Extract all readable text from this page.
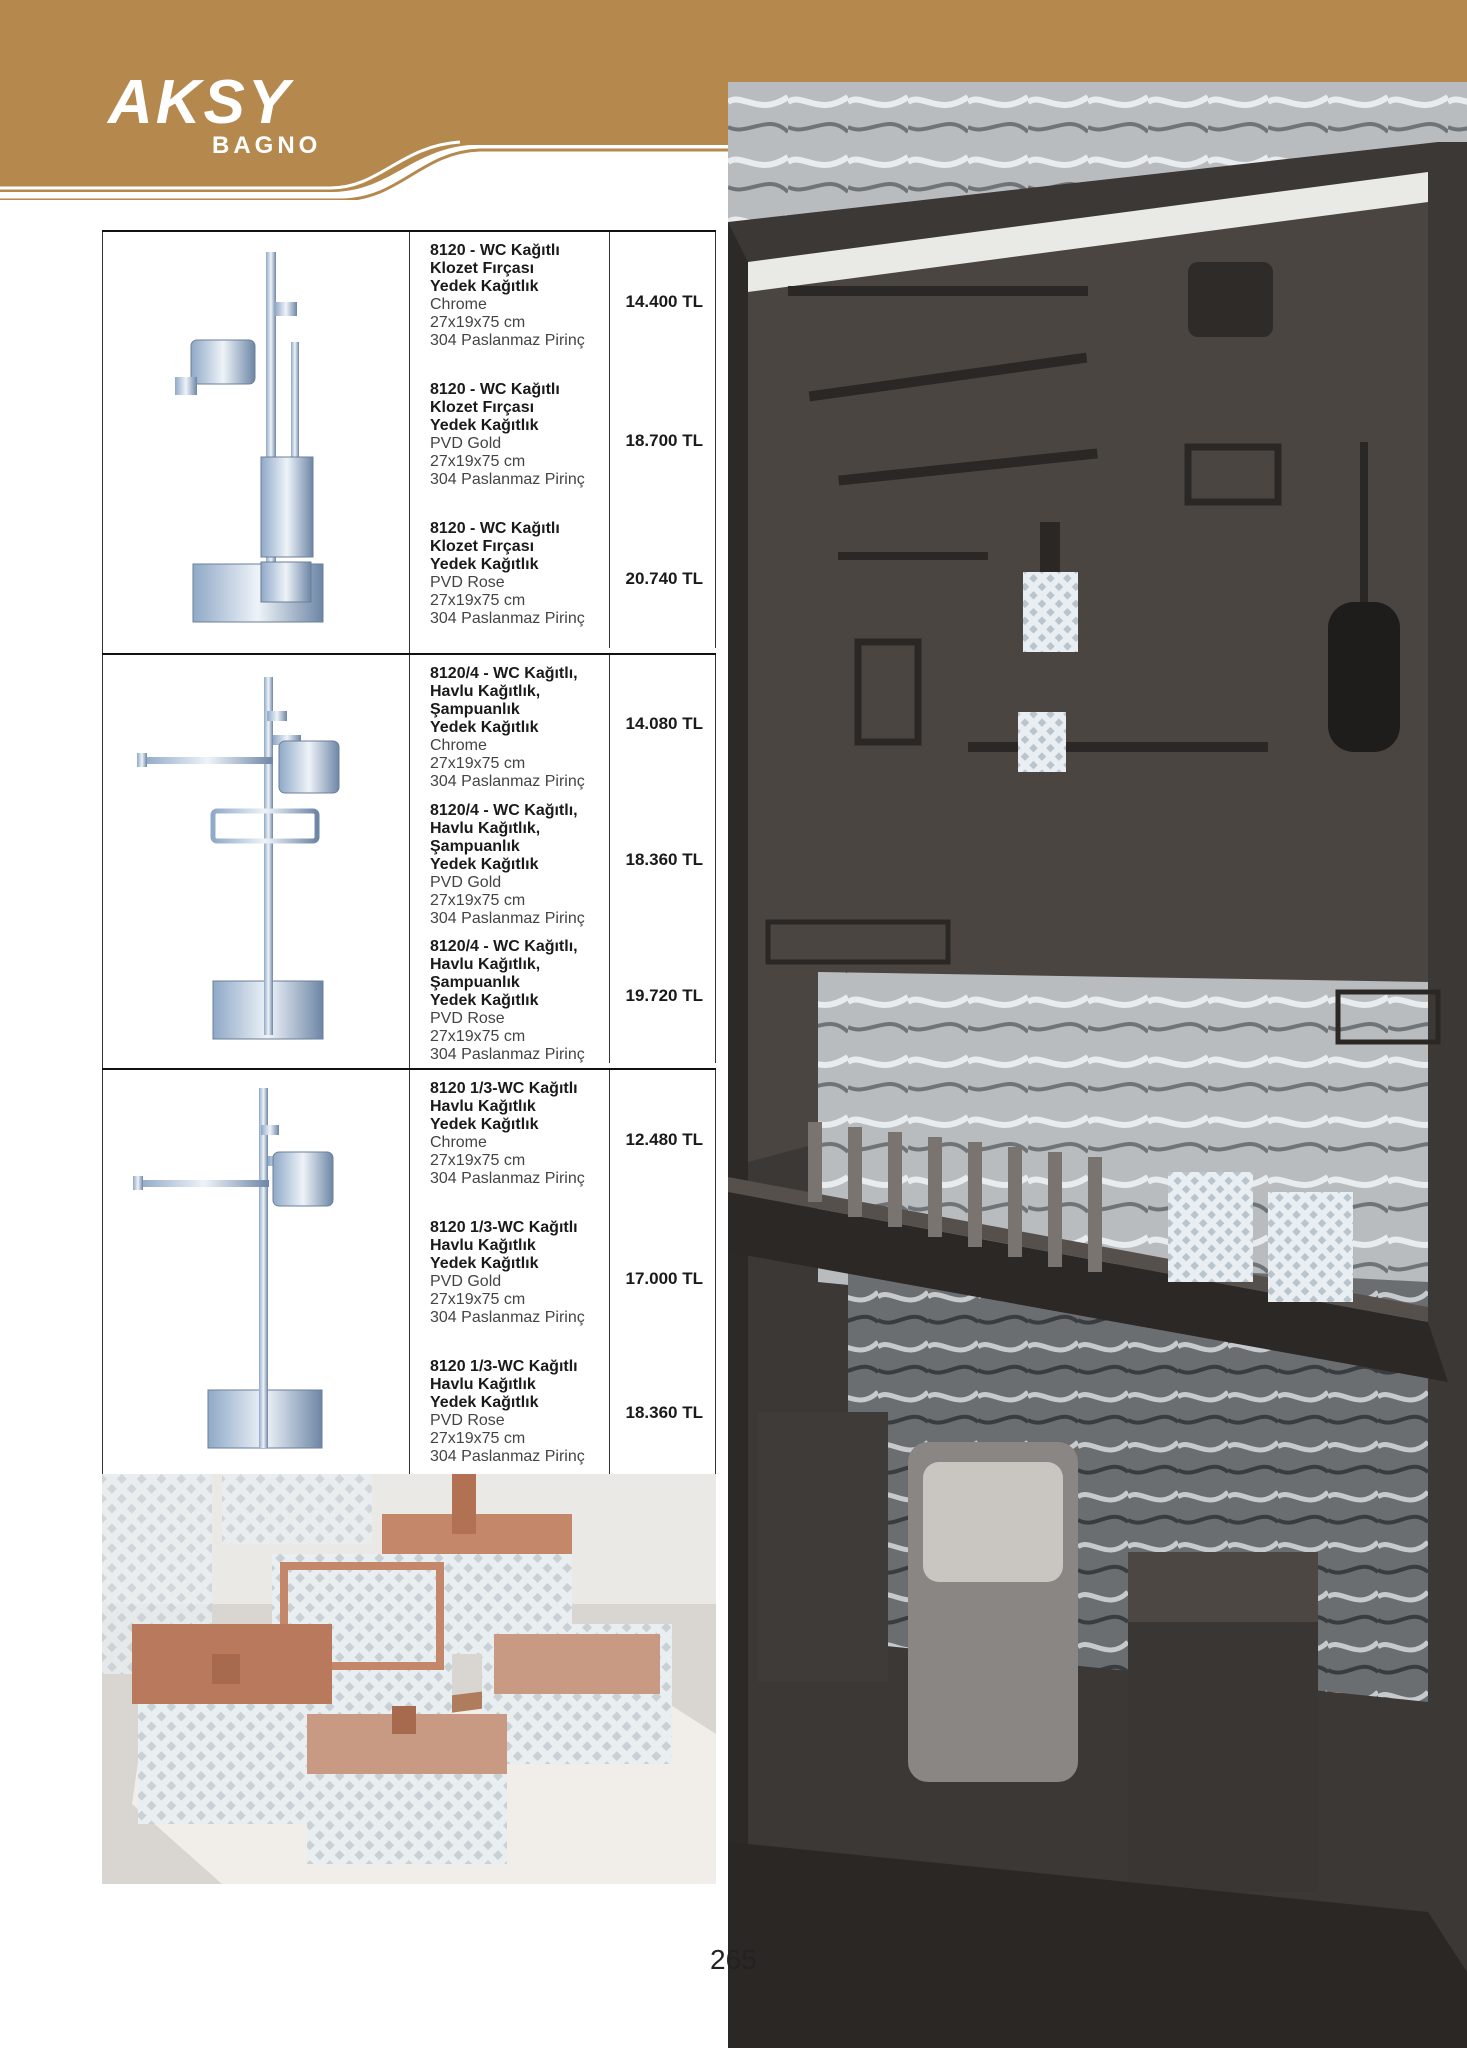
AKSY
BAGNO
8120 - WC Kağıtlı
Klozet Fırçası
Yedek Kağıtlık
Chrome
27x19x75 cm
304 Paslanmaz Pirinç
14.400 TL
8120 - WC Kağıtlı
Klozet Fırçası
Yedek Kağıtlık
PVD Gold
27x19x75 cm
304 Paslanmaz Pirinç
18.700 TL
8120 - WC Kağıtlı
Klozet Fırçası
Yedek Kağıtlık
PVD Rose
27x19x75 cm
304 Paslanmaz Pirinç
20.740 TL
8120/4 - WC Kağıtlı,
Havlu Kağıtlık,
Şampuanlık
Yedek Kağıtlık
Chrome
27x19x75 cm
304 Paslanmaz Pirinç
14.080 TL
8120/4 - WC Kağıtlı,
Havlu Kağıtlık,
Şampuanlık
Yedek Kağıtlık
PVD Gold
27x19x75 cm
304 Paslanmaz Pirinç
18.360 TL
8120/4 - WC Kağıtlı,
Havlu Kağıtlık,
Şampuanlık
Yedek Kağıtlık
PVD Rose
27x19x75 cm
304 Paslanmaz Pirinç
19.720 TL
8120 1/3-WC Kağıtlı
Havlu Kağıtlık
Yedek Kağıtlık
Chrome
27x19x75 cm
304 Paslanmaz Pirinç
12.480 TL
8120 1/3-WC Kağıtlı
Havlu Kağıtlık
Yedek Kağıtlık
PVD Gold
27x19x75 cm
304 Paslanmaz Pirinç
17.000 TL
8120 1/3-WC Kağıtlı
Havlu Kağıtlık
Yedek Kağıtlık
PVD Rose
27x19x75 cm
304 Paslanmaz Pirinç
18.360 TL
265
